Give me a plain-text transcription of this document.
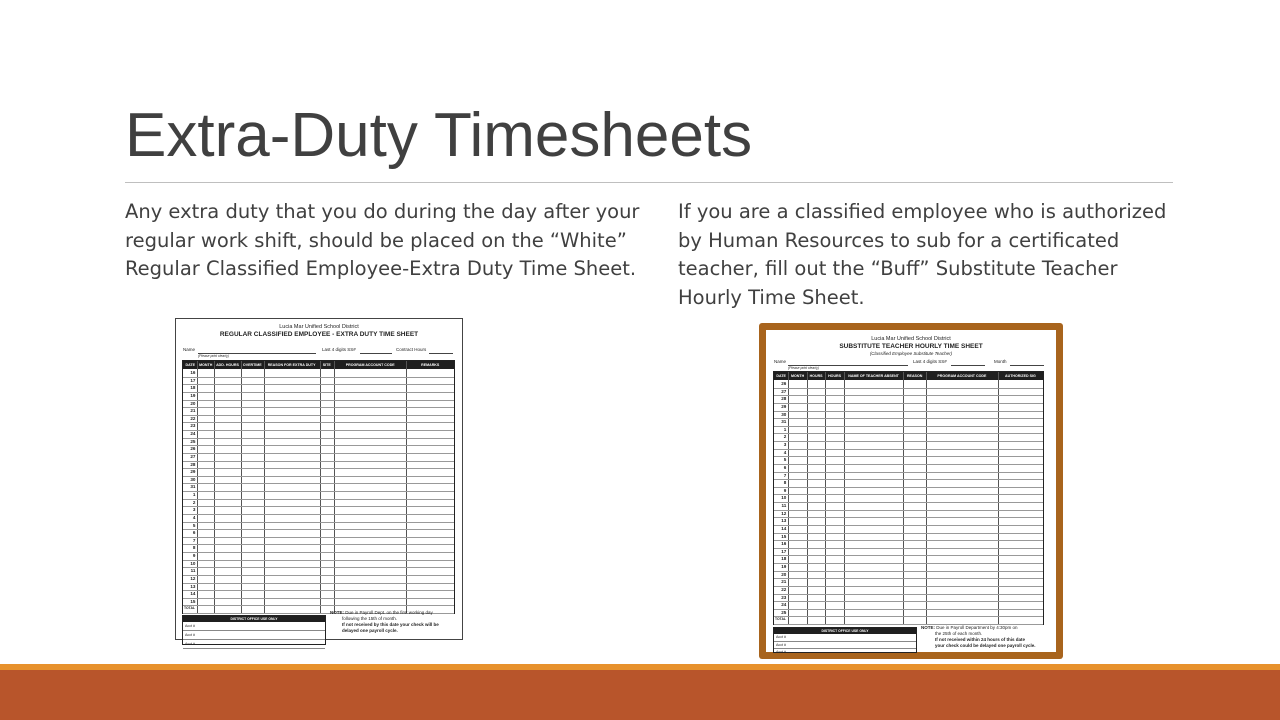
Extra-Duty Timesheets
Any extra duty that you do during the day after your regular work shift, should be placed on the “White” Regular Classified Employee-Extra Duty Time Sheet.
If you are a classified employee who is authorized by Human Resources to sub for a certificated teacher, fill out the “Buff” Substitute Teacher Hourly Time Sheet.
Lucia Mar Unified School District
REGULAR CLASSIFIED EMPLOYEE - EXTRA DUTY TIME SHEET
Name
(Please print clearly)
Last 4 digits SS#	Contract Hours
DATE	MONTH	ADD. HOURS	OVERTIME	REASON FOR EXTRA DUTY	SITE	PROGRAM ACCOUNT CODE	REMARKS
16
17
18
19
20
21
22
23
24
25
26
27
28
29
30
31
1
2
3
4
5
6
7
8
9
10
11
12
13
14
15
TOTAL
DISTRICT OFFICE USE ONLY
Acct #
Acct #
Acct #
NOTE: Due in Payroll Dept. on the first working day
following the 15th of month.
If not received by this date your check will be
delayed one payroll cycle.
Lucia Mar Unified School District
SUBSTITUTE TEACHER HOURLY TIME SHEET
(Classified Employee Substitute Teacher)
Name
(Please print clearly)
Last 4 digits SS#	Month
DATE	MONTH	HOURS	HOURS	NAME OF TEACHER ABSENT	REASON	PROGRAM ACCOUNT CODE	AUTHORIZED SIG
26
27
28
29
30
31
1
2
3
4
5
6
7
8
9
10
11
12
13
14
15
16
17
18
19
20
21
22
23
24
25
TOTAL
DISTRICT OFFICE USE ONLY
Acct #
Acct #
Acct #
NOTE: Due in Payroll Department by 4:30pm on
the 25th of each month.
If not received within 24 hours of this date
your check could be delayed one payroll cycle.
